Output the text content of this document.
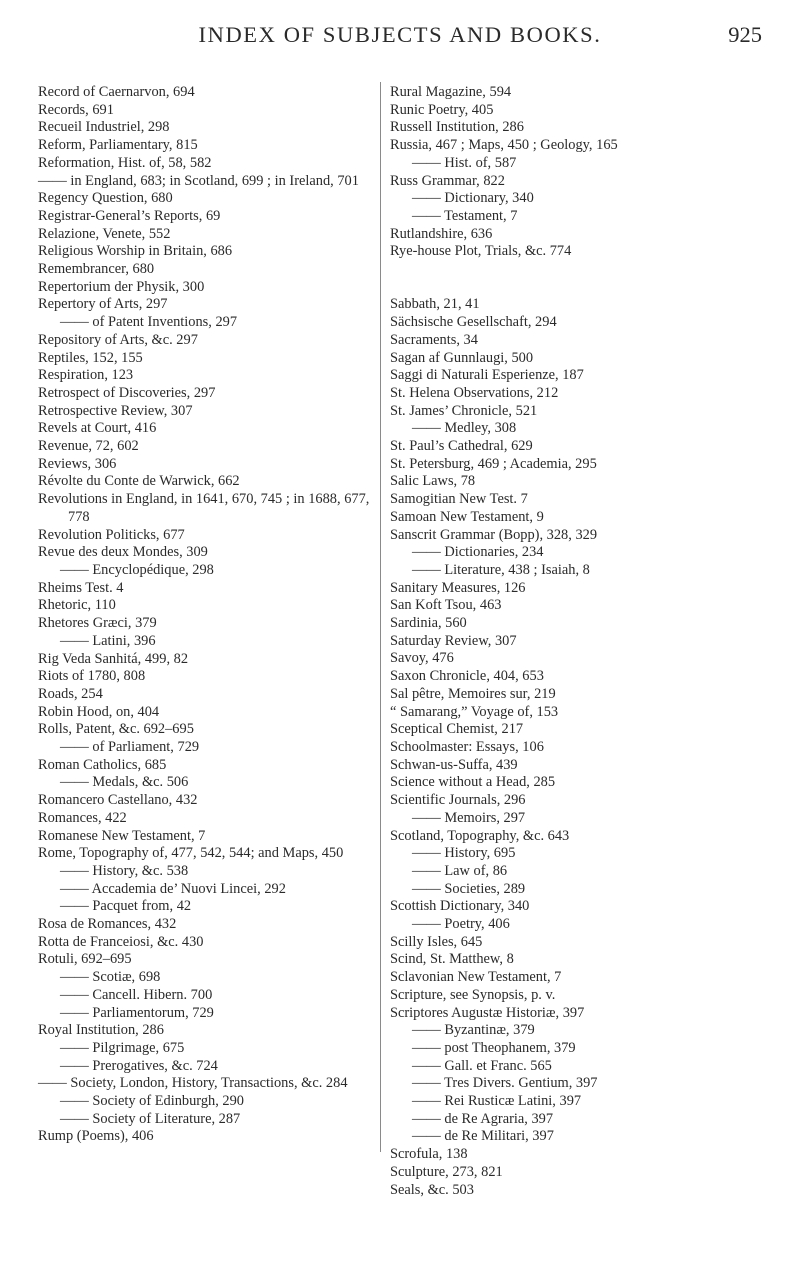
INDEX OF SUBJECTS AND BOOKS.	925
Record of Caernarvon, 694
Records, 691
Recueil Industriel, 298
Reform, Parliamentary, 815
Reformation, Hist. of, 58, 582
—— in England, 683; in Scotland, 699 ; in Ireland, 701
Regency Question, 680
Registrar-General’s Reports, 69
Relazione, Venete, 552
Religious Worship in Britain, 686
Remembrancer, 680
Repertorium der Physik, 300
Repertory of Arts, 297
—— of Patent Inventions, 297
Repository of Arts, &c. 297
Reptiles, 152, 155
Respiration, 123
Retrospect of Discoveries, 297
Retrospective Review, 307
Revels at Court, 416
Revenue, 72, 602
Reviews, 306
Révolte du Conte de Warwick, 662
Revolutions in England, in 1641, 670, 745 ; in 1688, 677, 778
Revolution Politicks, 677
Revue des deux Mondes, 309
—— Encyclopédique, 298
Rheims Test. 4
Rhetoric, 110
Rhetores Græci, 379
—— Latini, 396
Rig Veda Sanhitá, 499, 82
Riots of 1780, 808
Roads, 254
Robin Hood, on, 404
Rolls, Patent, &c. 692–695
—— of Parliament, 729
Roman Catholics, 685
—— Medals, &c. 506
Romancero Castellano, 432
Romances, 422
Romanese New Testament, 7
Rome, Topography of, 477, 542, 544; and Maps, 450
—— History, &c. 538
—— Accademia de’ Nuovi Lincei, 292
—— Pacquet from, 42
Rosa de Romances, 432
Rotta de Franceiosi, &c. 430
Rotuli, 692–695
—— Scotiæ, 698
—— Cancell. Hibern. 700
—— Parliamentorum, 729
Royal Institution, 286
—— Pilgrimage, 675
—— Prerogatives, &c. 724
—— Society, London, History, Transactions, &c. 284
—— Society of Edinburgh, 290
—— Society of Literature, 287
Rump (Poems), 406
Rural Magazine, 594
Runic Poetry, 405
Russell Institution, 286
Russia, 467 ; Maps, 450 ; Geology, 165
—— Hist. of, 587
Russ Grammar, 822
—— Dictionary, 340
—— Testament, 7
Rutlandshire, 636
Rye-house Plot, Trials, &c. 774
Sabbath, 21, 41
Sächsische Gesellschaft, 294
Sacraments, 34
Sagan af Gunnlaugi, 500
Saggi di Naturali Esperienze, 187
St. Helena Observations, 212
St. James’ Chronicle, 521
—— Medley, 308
St. Paul’s Cathedral, 629
St. Petersburg, 469 ; Academia, 295
Salic Laws, 78
Samogitian New Test. 7
Samoan New Testament, 9
Sanscrit Grammar (Bopp), 328, 329
—— Dictionaries, 234
—— Literature, 438 ; Isaiah, 8
Sanitary Measures, 126
San Koft Tsou, 463
Sardinia, 560
Saturday Review, 307
Savoy, 476
Saxon Chronicle, 404, 653
Sal pêtre, Memoires sur, 219
“ Samarang,” Voyage of, 153
Sceptical Chemist, 217
Schoolmaster: Essays, 106
Schwan-us-Suffa, 439
Science without a Head, 285
Scientific Journals, 296
—— Memoirs, 297
Scotland, Topography, &c. 643
—— History, 695
—— Law of, 86
—— Societies, 289
Scottish Dictionary, 340
—— Poetry, 406
Scilly Isles, 645
Scind, St. Matthew, 8
Sclavonian New Testament, 7
Scripture, see Synopsis, p. v.
Scriptores Augustæ Historiæ, 397
—— Byzantinæ, 379
—— post Theophanem, 379
—— Gall. et Franc. 565
—— Tres Divers. Gentium, 397
—— Rei Rusticæ Latini, 397
—— de Re Agraria, 397
—— de Re Militari, 397
Scrofula, 138
Sculpture, 273, 821
Seals, &c. 503
